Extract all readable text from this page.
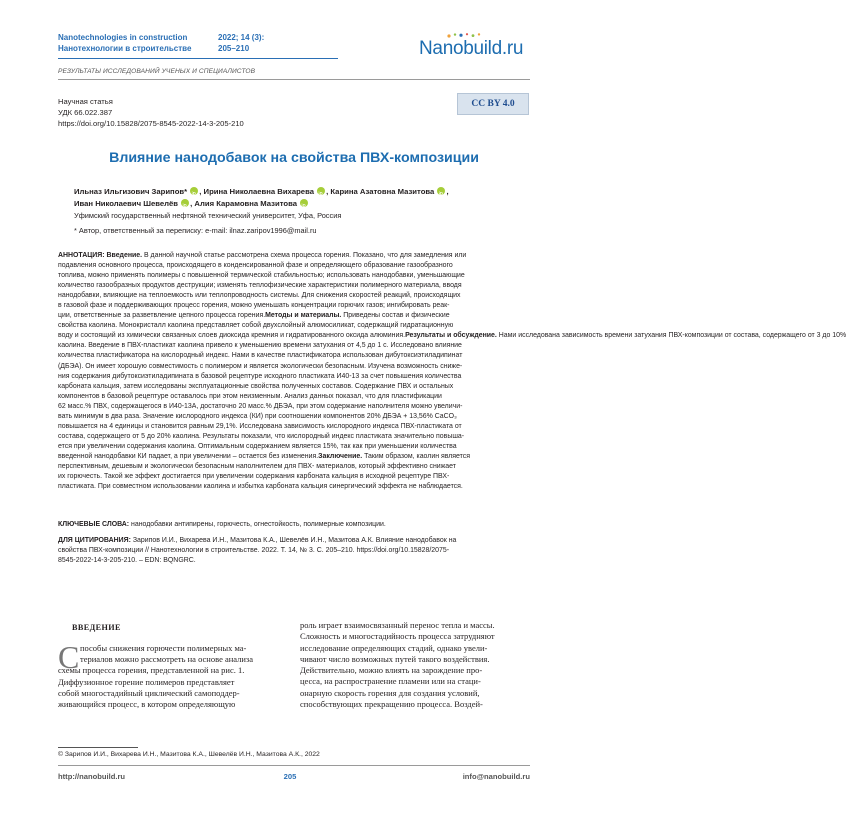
Nanotechnologies in construction
Нанотехнологии в строительстве
2022; 14 (3):
205–210	Nanobuild.ru
РЕЗУЛЬТАТЫ ИССЛЕДОВАНИЙ УЧЕНЫХ И СПЕЦИАЛИСТОВ
Научная статья
УДК 66.022.387
https://doi.org/10.15828/2075-8545-2022-14-3-205-210
CC BY 4.0
Влияние нанодобавок на свойства ПВХ-композиции
Ильназ Ильгизович Зарипов* iD , Ирина Николаевна Вихарева iD , Карина Азатовна Мазитова iD ,
Иван Николаевич Шевелёв iD , Алия Карамовна Мазитова iD
Уфимский государственный нефтяной технический университет, Уфа, Россия
* Автор, ответственный за переписку: e-mail: ilnaz.zaripov1996@mail.ru
АННОТАЦИЯ: Введение. В данной научной статье рассмотрена схема процесса горения. Показано, что для замедления или
подавления основного процесса, происходящего в конденсированной фазе и определяющего образование газообразного
топлива, можно применять полимеры с повышенной термической стабильностью; использовать нанодобавки, уменьшающие
количество газообразных продуктов деструкции; изменять теплофизические характеристики полимерного материала, вводя
нанодобавки, влияющие на теплоемкость или теплопроводность системы. Для снижения скоростей реакций, происходящих
в газовой фазе и поддерживающих процесс горения, можно уменьшать концентрации горючих газов; ингибировать реак-
ции, ответственные за разветвление цепного процесса горения.Методы и материалы. Приведены состав и физические
свойства каолина. Монокристалл каолина представляет собой двухслойный алюмосиликат, содержащий гидратационную
воду и состоящий из химически связанных слоев диоксида кремния и гидратированного оксида алюминия.Результаты и обсуждение. Нами исследована зависимость времени затухания ПВХ-композиции от состава, содержащего от 3 до 10%
каолина. Введение в ПВХ-пластикат каолина привело к уменьшению времени затухания от 4,5 до 1 с. Исследовано влияние
количества пластификатора на кислородный индекс. Нами в качестве пластификатора использован дибутоксиэтиладипинат
(ДБЭА). Он имеет хорошую совместимость с полимером и является экологически безопасным. Изучена возможность сниже-
ния содержания дибутоксиэтиладипината в базовой рецептуре исходного пластиката И40-13 за счет повышения количества
карбоната кальция, затем исследованы эксплуатационные свойства полученных составов. Содержание ПВХ и остальных
компонентов в базовой рецептуре оставалось при этом неизменным. Анализ данных показал, что для пластификации
62 масс.% ПВХ, содержащегося в И40-13А, достаточно 20 масс.% ДБЭА, при этом содержание наполнителя можно увеличи-
вать минимум в два раза. Значение кислородного индекса (КИ) при соотношении компонентов 20% ДБЭА + 13,56% CaCO₃
повышается на 4 единицы и становится равным 29,1%. Исследована зависимость кислородного индекса ПВХ-пластиката от
состава, содержащего от 5 до 20% каолина. Результаты показали, что кислородный индекс пластиката значительно повыша-
ется при увеличении содержания каолина. Оптимальным содержанием является 15%, так как при уменьшении количества
введенной нанодобавки КИ падает, а при увеличении – остается без изменения.Заключение. Таким образом, каолин является
перспективным, дешевым и экологически безопасным наполнителем для ПВХ- материалов, который эффективно снижает
их горючесть. Такой же эффект достигается при увеличении содержания карбоната кальция в исходной рецептуре ПВХ-
пластиката. При совместном использовании каолина и избытка карбоната кальция синергический эффекта не наблюдается.
КЛЮЧЕВЫЕ СЛОВА: нанодобавки антипирены, горючесть, огнестойкость, полимерные композиции.
ДЛЯ ЦИТИРОВАНИЯ: Зарипов И.И., Вихарева И.Н., Мазитова К.А., Шевелёв И.Н., Мазитова А.К. Влияние нанодобавок на
свойства ПВХ-композиции // Нанотехнологии в строительстве. 2022. Т. 14, № 3. С. 205–210. https://doi.org/10.15828/2075-
8545-2022-14-3-205-210. – EDN: BQNGRC.
ВВЕДЕНИЕ
С пособы снижения горючести полимерных ма-
териалов можно рассмотреть на основе анализа
схемы процесса горения, представленной на рис. 1.
Диффузионное горение полимеров представляет
собой многостадийный циклический самоподдер-
живающийся процесс, в котором определяющую
роль играет взаимосвязанный перенос тепла и массы.
Сложность и многостадийность процесса затрудняют
исследование определяющих стадий, однако увели-
чивают число возможных путей такого воздействия.
Действительно, можно влиять на зарождение про-
цесса, на распространение пламени или на стаци-
онарную скорость горения для создания условий,
способствующих прекращению процесса. Воздей-
© Зарипов И.И., Вихарева И.Н., Мазитова К.А., Шевелёв И.Н., Мазитова А.К., 2022
http://nanobuild.ru	205	info@nanobuild.ru
